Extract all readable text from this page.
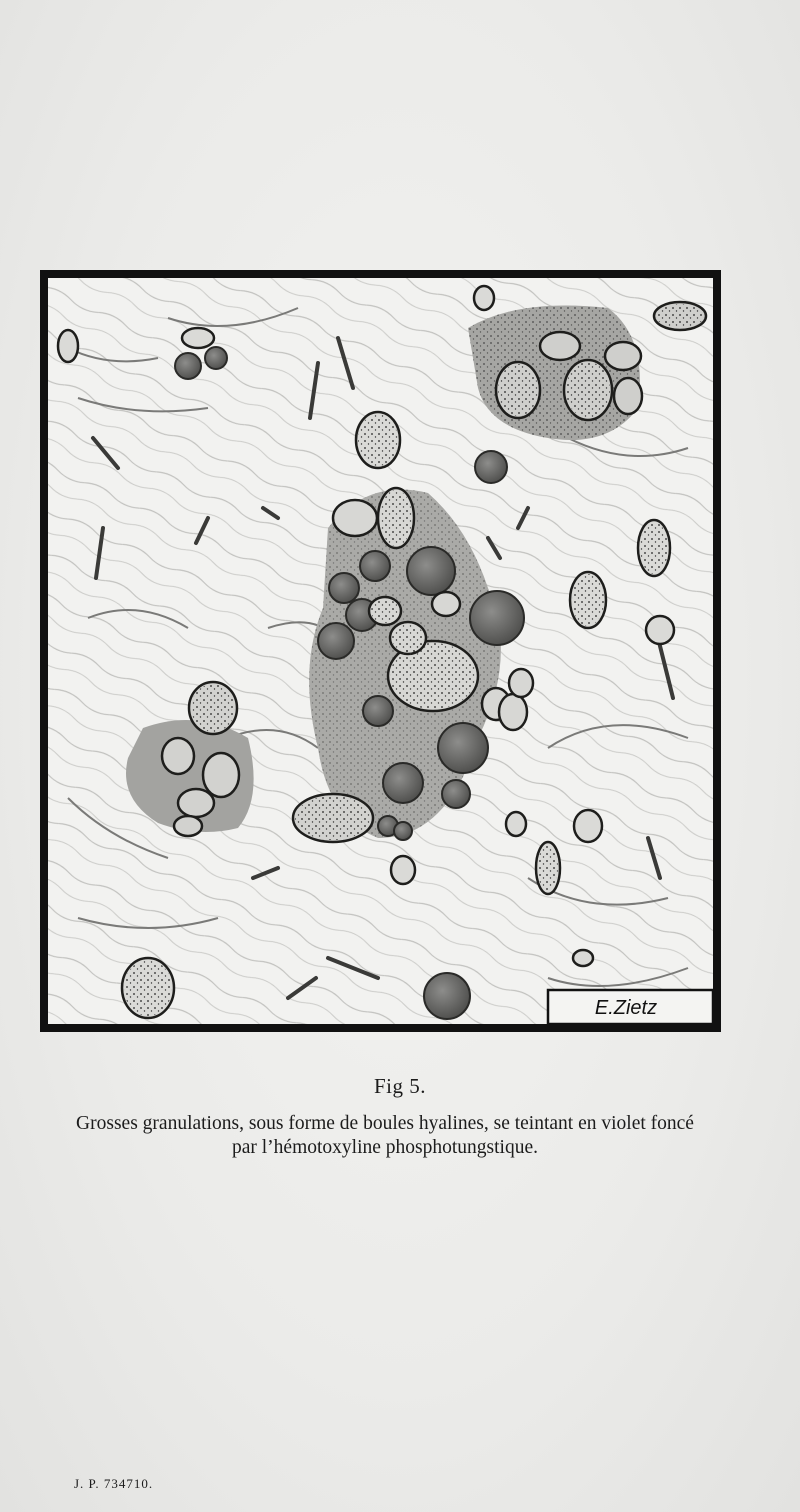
E.Zietz
Fig 5.
Grosses granulations, sous forme de boules hyalines, se teintant en violet foncé
par l’hémotoxyline phosphotungstique.
J. P. 734710.
